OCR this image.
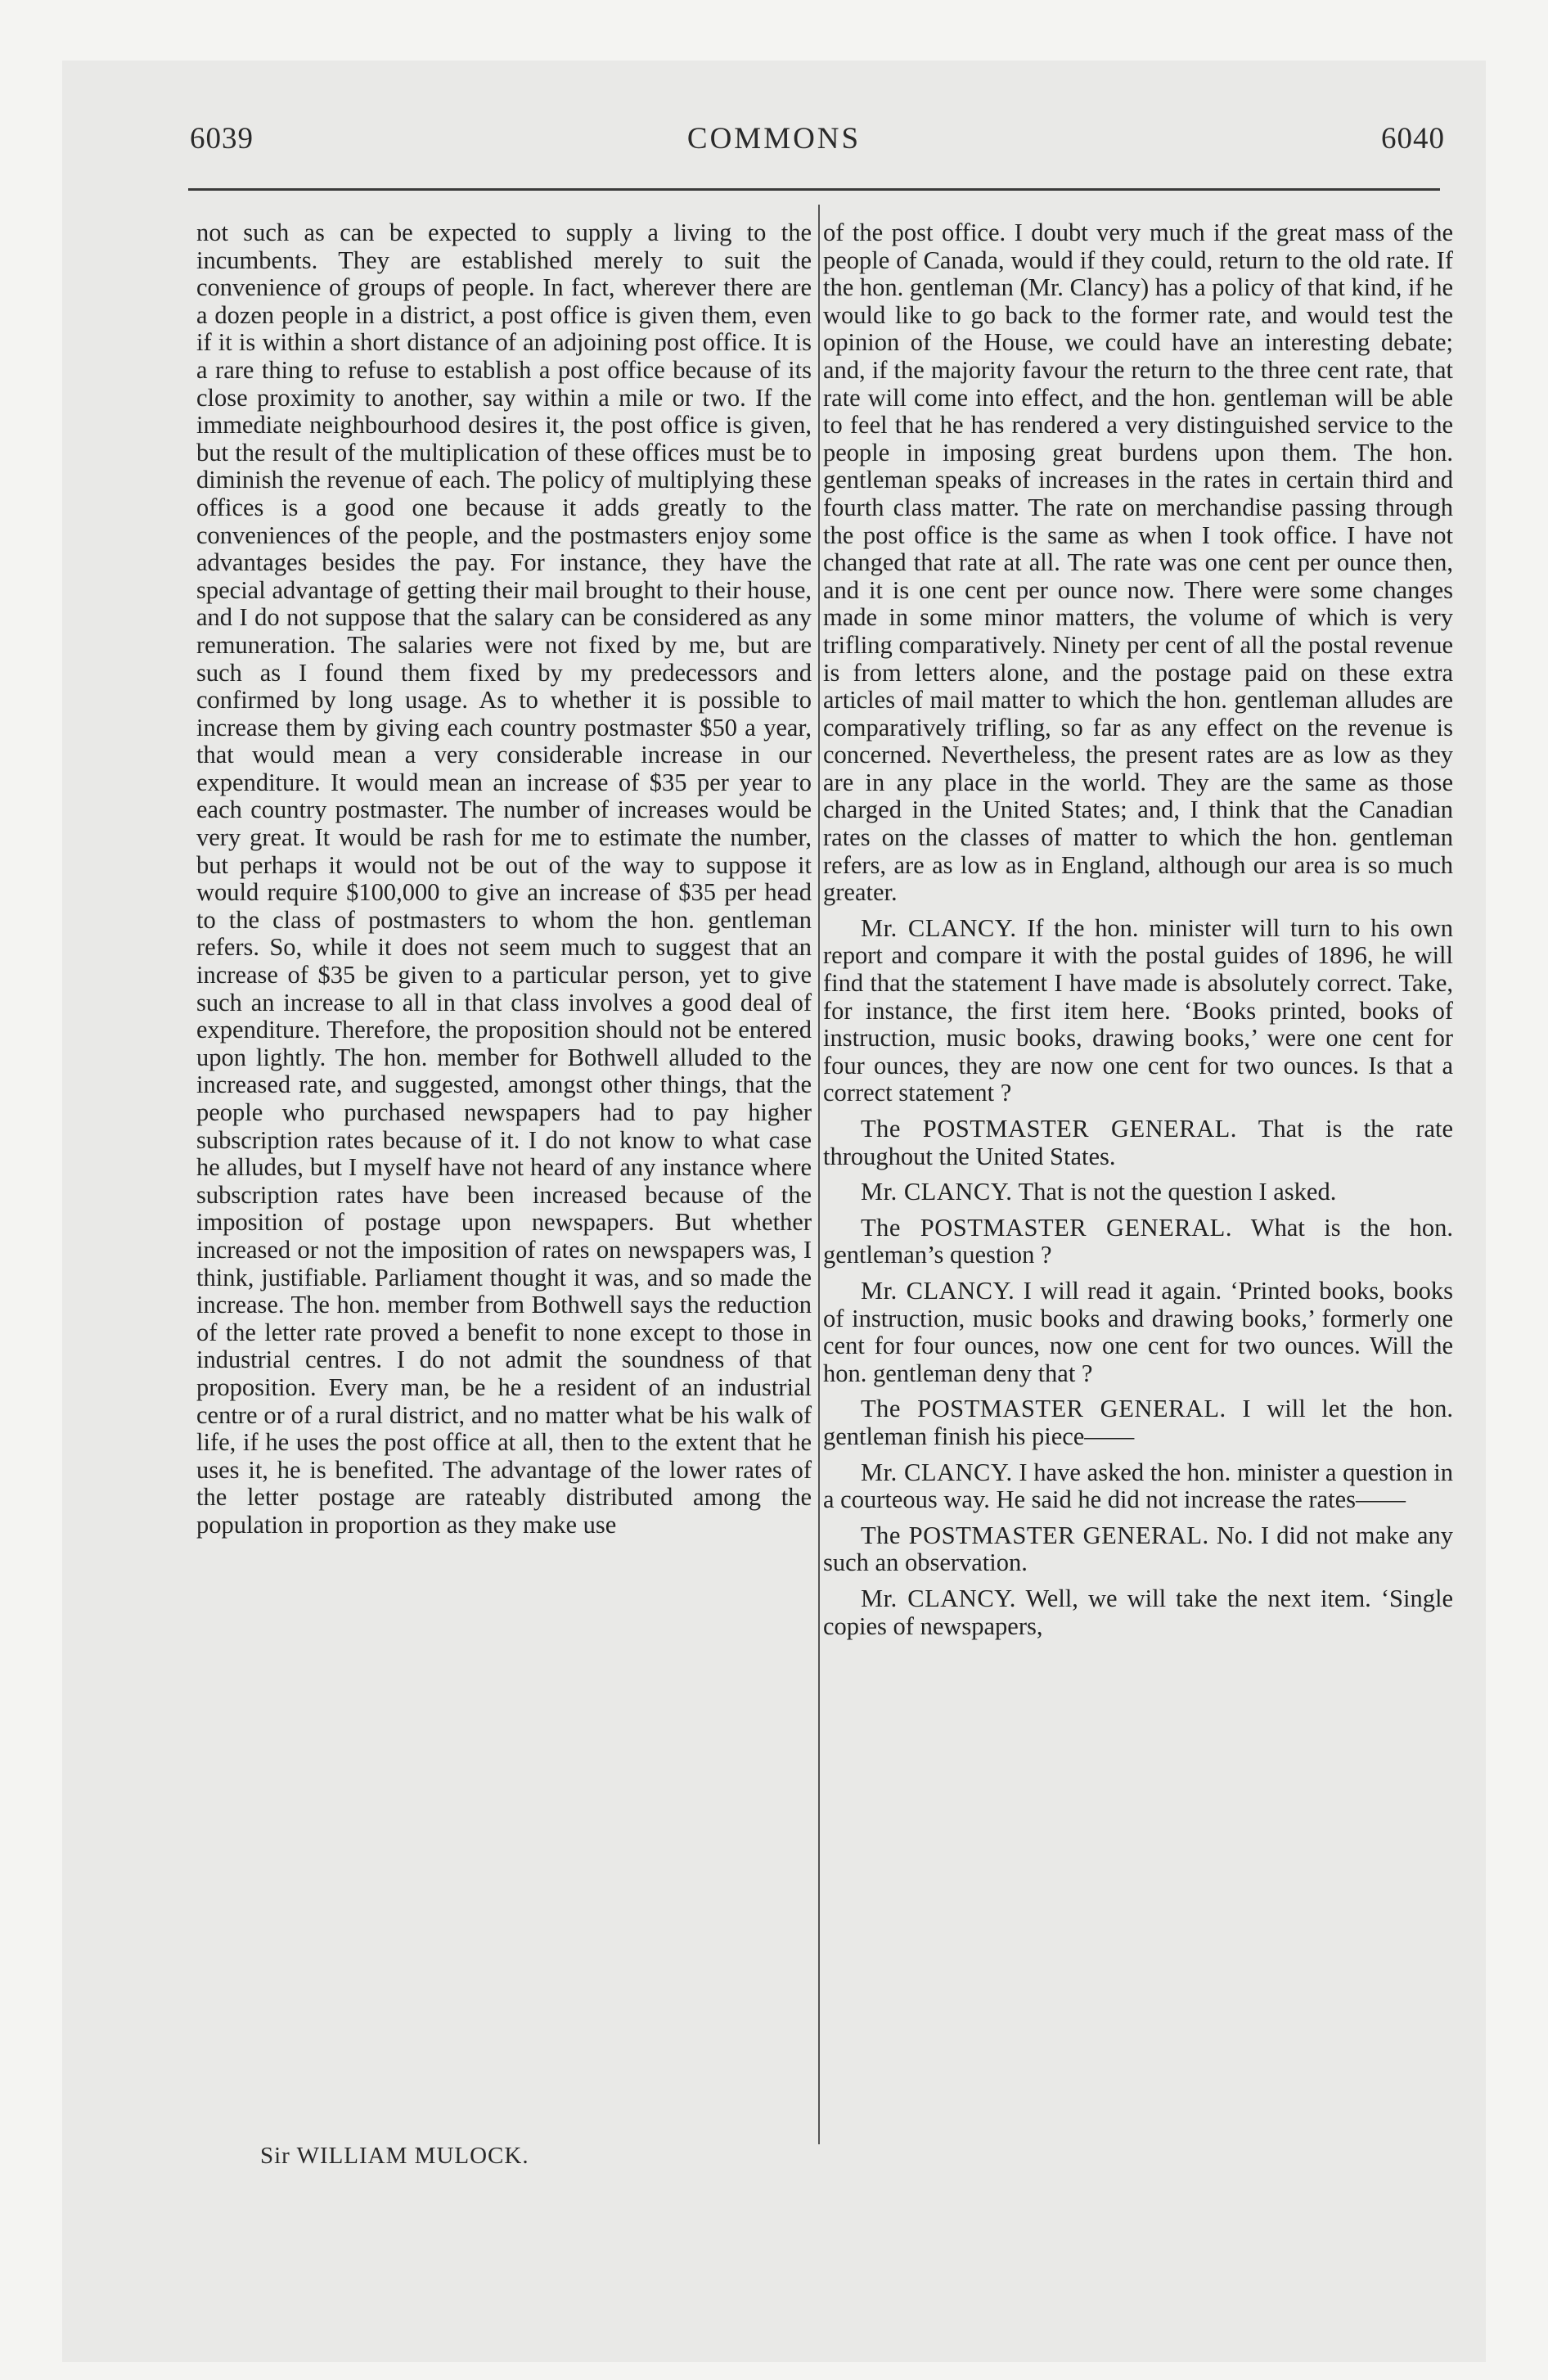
6039	COMMONS	6040

not such as can be expected to supply a living to the incumbents. They are established merely to suit the convenience of groups of people. In fact, wherever there are a dozen people in a district, a post office is given them, even if it is within a short distance of an adjoining post office. It is a rare thing to refuse to establish a post office because of its close proximity to another, say within a mile or two. If the immediate neighbourhood desires it, the post office is given, but the result of the multiplication of these offices must be to diminish the revenue of each. The policy of multiplying these offices is a good one because it adds greatly to the conveniences of the people, and the postmasters enjoy some advantages besides the pay. For instance, they have the special advantage of getting their mail brought to their house, and I do not suppose that the salary can be considered as any remuneration. The salaries were not fixed by me, but are such as I found them fixed by my predecessors and confirmed by long usage. As to whether it is possible to increase them by giving each country postmaster $50 a year, that would mean a very considerable increase in our expenditure. It would mean an increase of $35 per year to each country postmaster. The number of increases would be very great. It would be rash for me to estimate the number, but perhaps it would not be out of the way to suppose it would require $100,000 to give an increase of $35 per head to the class of postmasters to whom the hon. gentleman refers. So, while it does not seem much to suggest that an increase of $35 be given to a particular person, yet to give such an increase to all in that class involves a good deal of expenditure. Therefore, the proposition should not be entered upon lightly. The hon. member for Bothwell alluded to the increased rate, and suggested, amongst other things, that the people who purchased newspapers had to pay higher subscription rates because of it. I do not know to what case he alludes, but I myself have not heard of any instance where subscription rates have been increased because of the imposition of postage upon newspapers. But whether increased or not the imposition of rates on newspapers was, I think, justifiable. Parliament thought it was, and so made the increase. The hon. member from Bothwell says the reduction of the letter rate proved a benefit to none except to those in industrial centres. I do not admit the soundness of that proposition. Every man, be he a resident of an industrial centre or of a rural district, and no matter what be his walk of life, if he uses the post office at all, then to the extent that he uses it, he is benefited. The advantage of the lower rates of the letter postage are rateably distributed among the population in proportion as they make use

of the post office. I doubt very much if the great mass of the people of Canada, would if they could, return to the old rate. If the hon. gentleman (Mr. Clancy) has a policy of that kind, if he would like to go back to the former rate, and would test the opinion of the House, we could have an interesting debate; and, if the majority favour the return to the three cent rate, that rate will come into effect, and the hon. gentleman will be able to feel that he has rendered a very distinguished service to the people in imposing great burdens upon them. The hon. gentleman speaks of increases in the rates in certain third and fourth class matter. The rate on merchandise passing through the post office is the same as when I took office. I have not changed that rate at all. The rate was one cent per ounce then, and it is one cent per ounce now. There were some changes made in some minor matters, the volume of which is very trifling comparatively. Ninety per cent of all the postal revenue is from letters alone, and the postage paid on these extra articles of mail matter to which the hon. gentleman alludes are comparatively trifling, so far as any effect on the revenue is concerned. Nevertheless, the present rates are as low as they are in any place in the world. They are the same as those charged in the United States; and, I think that the Canadian rates on the classes of matter to which the hon. gentleman refers, are as low as in England, although our area is so much greater.

Mr. CLANCY. If the hon. minister will turn to his own report and compare it with the postal guides of 1896, he will find that the statement I have made is absolutely correct. Take, for instance, the first item here. ‘Books printed, books of instruction, music books, drawing books,’ were one cent for four ounces, they are now one cent for two ounces. Is that a correct statement ?

The POSTMASTER GENERAL. That is the rate throughout the United States.

Mr. CLANCY. That is not the question I asked.

The POSTMASTER GENERAL. What is the hon. gentleman’s question ?

Mr. CLANCY. I will read it again. ‘Printed books, books of instruction, music books and drawing books,’ formerly one cent for four ounces, now one cent for two ounces. Will the hon. gentleman deny that ?

The POSTMASTER GENERAL. I will let the hon. gentleman finish his piece——

Mr. CLANCY. I have asked the hon. minister a question in a courteous way. He said he did not increase the rates——

The POSTMASTER GENERAL. No. I did not make any such an observation.

Mr. CLANCY. Well, we will take the next item. ‘Single copies of newspapers,

Sir WILLIAM MULOCK.
